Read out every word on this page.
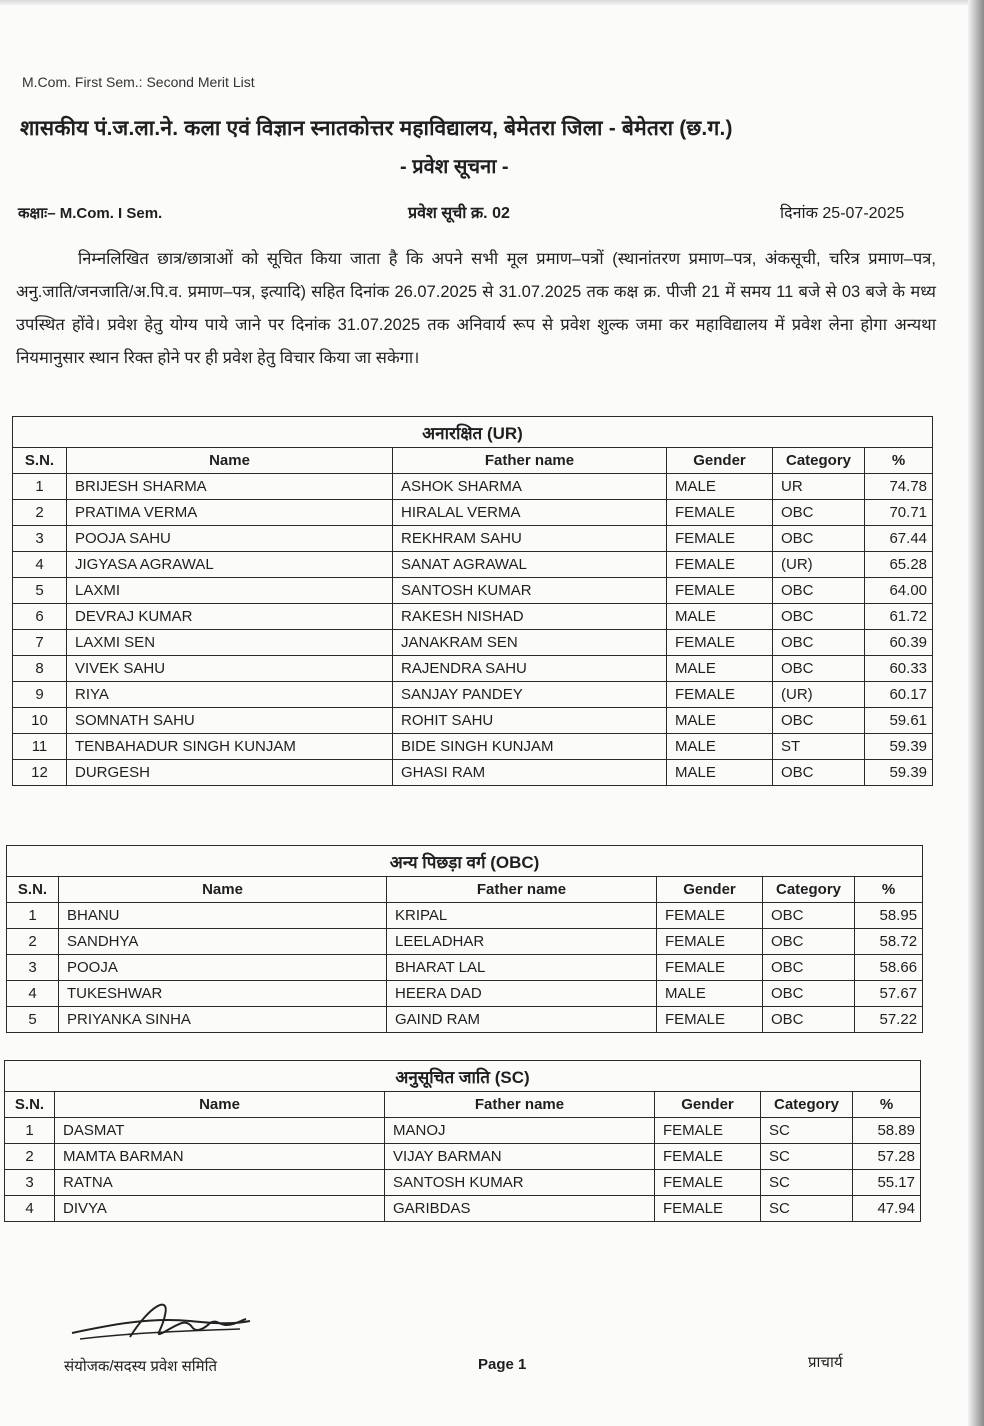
M.Com. First Sem.: Second Merit List
शासकीय पं.ज.ला.ने. कला एवं विज्ञान स्नातकोत्तर महाविद्यालय, बेमेतरा जिला - बेमेतरा (छ.ग.)
- प्रवेश सूचना -
कक्षाः– M.Com. I Sem.	प्रवेश सूची क्र. 02	दिनांक 25-07-2025
निम्नलिखित छात्र/छात्राओं को सूचित किया जाता है कि अपने सभी मूल प्रमाण–पत्रों (स्थानांतरण प्रमाण–पत्र, अंकसूची, चरित्र प्रमाण–पत्र, अनु.जाति/जनजाति/अ.पि.व. प्रमाण–पत्र, इत्यादि) सहित दिनांक 26.07.2025 से 31.07.2025 तक कक्ष क्र. पीजी 21 में समय 11 बजे से 03 बजे के मध्य उपस्थित होंवे। प्रवेश हेतु योग्य पाये जाने पर दिनांक 31.07.2025 तक अनिवार्य रूप से प्रवेश शुल्क जमा कर महाविद्यालय में प्रवेश लेना होगा अन्यथा नियमानुसार स्थान रिक्त होने पर ही प्रवेश हेतु विचार किया जा सकेगा।
अनारक्षित (UR)					
S.N.	Name	Father name	Gender	Category	%
1	BRIJESH SHARMA	ASHOK SHARMA	MALE	UR	74.78
2	PRATIMA VERMA	HIRALAL VERMA	FEMALE	OBC	70.71
3	POOJA SAHU	REKHRAM SAHU	FEMALE	OBC	67.44
4	JIGYASA AGRAWAL	SANAT AGRAWAL	FEMALE	(UR)	65.28
5	LAXMI	SANTOSH KUMAR	FEMALE	OBC	64.00
6	DEVRAJ KUMAR	RAKESH NISHAD	MALE	OBC	61.72
7	LAXMI SEN	JANAKRAM SEN	FEMALE	OBC	60.39
8	VIVEK SAHU	RAJENDRA SAHU	MALE	OBC	60.33
9	RIYA	SANJAY PANDEY	FEMALE	(UR)	60.17
10	SOMNATH SAHU	ROHIT SAHU	MALE	OBC	59.61
11	TENBAHADUR SINGH KUNJAM	BIDE SINGH KUNJAM	MALE	ST	59.39
12	DURGESH	GHASI RAM	MALE	OBC	59.39
अन्य पिछड़ा वर्ग (OBC)					
S.N.	Name	Father name	Gender	Category	%
1	BHANU	KRIPAL	FEMALE	OBC	58.95
2	SANDHYA	LEELADHAR	FEMALE	OBC	58.72
3	POOJA	BHARAT LAL	FEMALE	OBC	58.66
4	TUKESHWAR	HEERA DAD	MALE	OBC	57.67
5	PRIYANKA SINHA	GAIND RAM	FEMALE	OBC	57.22
अनुसूचित जाति (SC)					
S.N.	Name	Father name	Gender	Category	%
1	DASMAT	MANOJ	FEMALE	SC	58.89
2	MAMTA BARMAN	VIJAY BARMAN	FEMALE	SC	57.28
3	RATNA	SANTOSH KUMAR	FEMALE	SC	55.17
4	DIVYA	GARIBDAS	FEMALE	SC	47.94
संयोजक/सदस्य प्रवेश समिति	Page 1	प्राचार्य
